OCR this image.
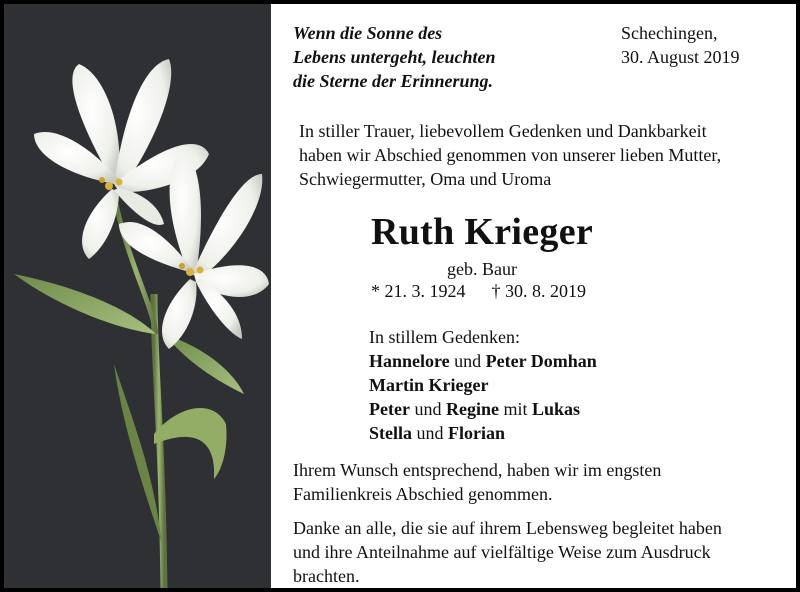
Wenn die Sonne des
Lebens untergeht, leuchten
die Sterne der Erinnerung.
Schechingen,
30. August 2019
In stiller Trauer, liebevollem Gedenken und Dankbarkeit
haben wir Abschied genommen von unserer lieben Mutter,
Schwiegermutter, Oma und Uroma
Ruth Krieger
geb. Baur
* 21. 3. 1924 † 30. 8. 2019
In stillem Gedenken:
Hannelore und Peter Domhan
Martin Krieger
Peter und Regine mit Lukas
Stella und Florian
Ihrem Wunsch entsprechend, haben wir im engsten
Familienkreis Abschied genommen.
Danke an alle, die sie auf ihrem Lebensweg begleitet haben
und ihre Anteilnahme auf vielfältige Weise zum Ausdruck
brachten.
